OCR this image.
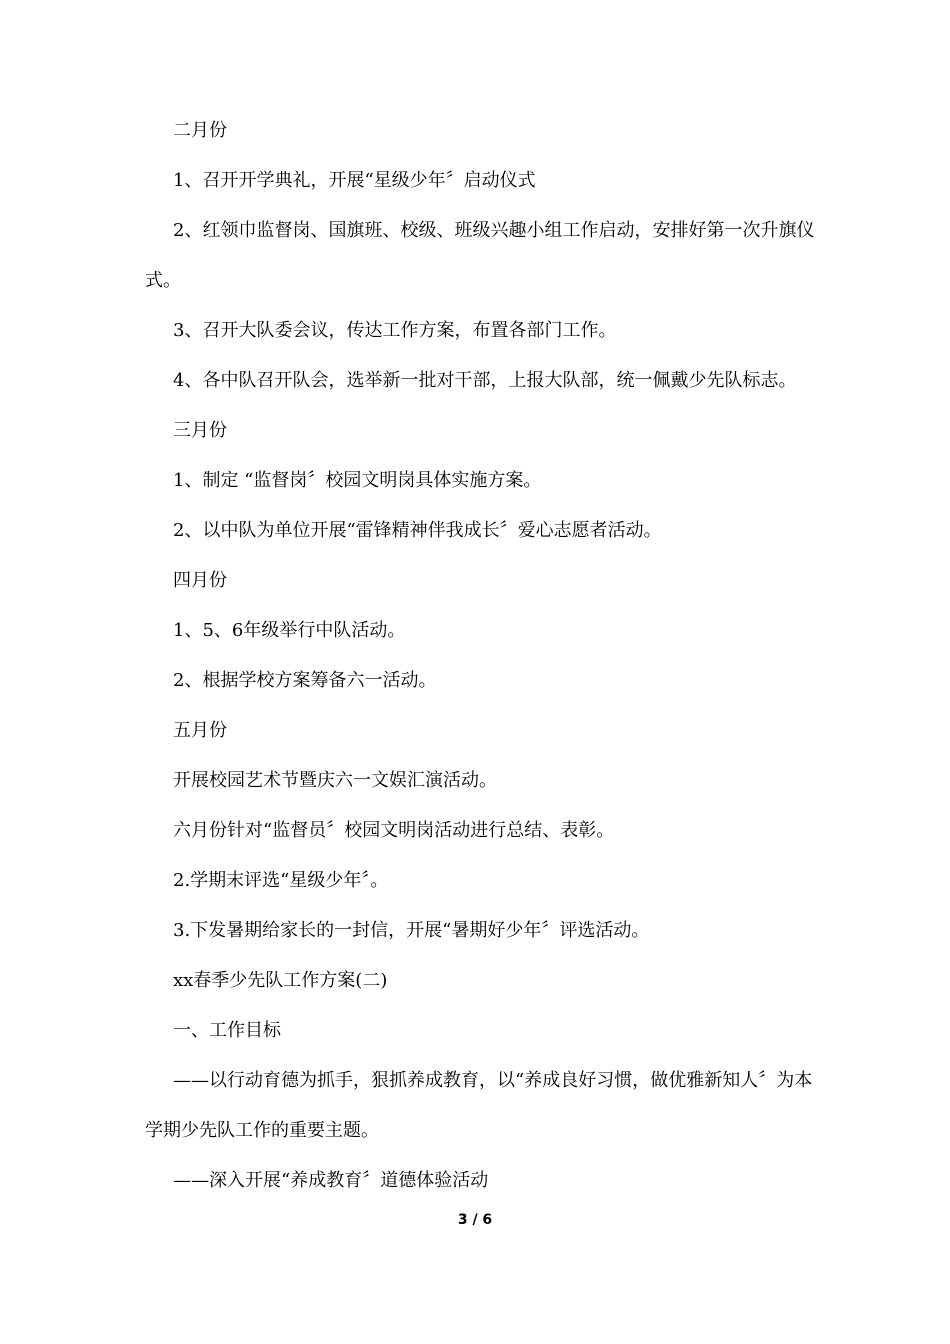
二月份

1、召开开学典礼，开展“星级少年〞启动仪式

2、红领巾监督岗、国旗班、校级、班级兴趣小组工作启动，安排好第一次升旗仪式。

3、召开大队委会议，传达工作方案，布置各部门工作。

4、各中队召开队会，选举新一批对干部，上报大队部，统一佩戴少先队标志。

三月份

1、制定 “监督岗〞校园文明岗具体实施方案。

2、以中队为单位开展“雷锋精神伴我成长〞爱心志愿者活动。

四月份

1、5、6年级举行中队活动。

2、根据学校方案筹备六一活动。

五月份

开展校园艺术节暨庆六一文娱汇演活动。

六月份针对“监督员〞校园文明岗活动进行总结、表彰。

2.学期末评选“星级少年〞。

3.下发暑期给家长的一封信，开展“暑期好少年〞评选活动。

xx春季少先队工作方案(二)

一、工作目标

——以行动育德为抓手，狠抓养成教育，以“养成良好习惯，做优雅新知人〞为本学期少先队工作的重要主题。

——深入开展“养成教育〞道德体验活动

3 / 6
